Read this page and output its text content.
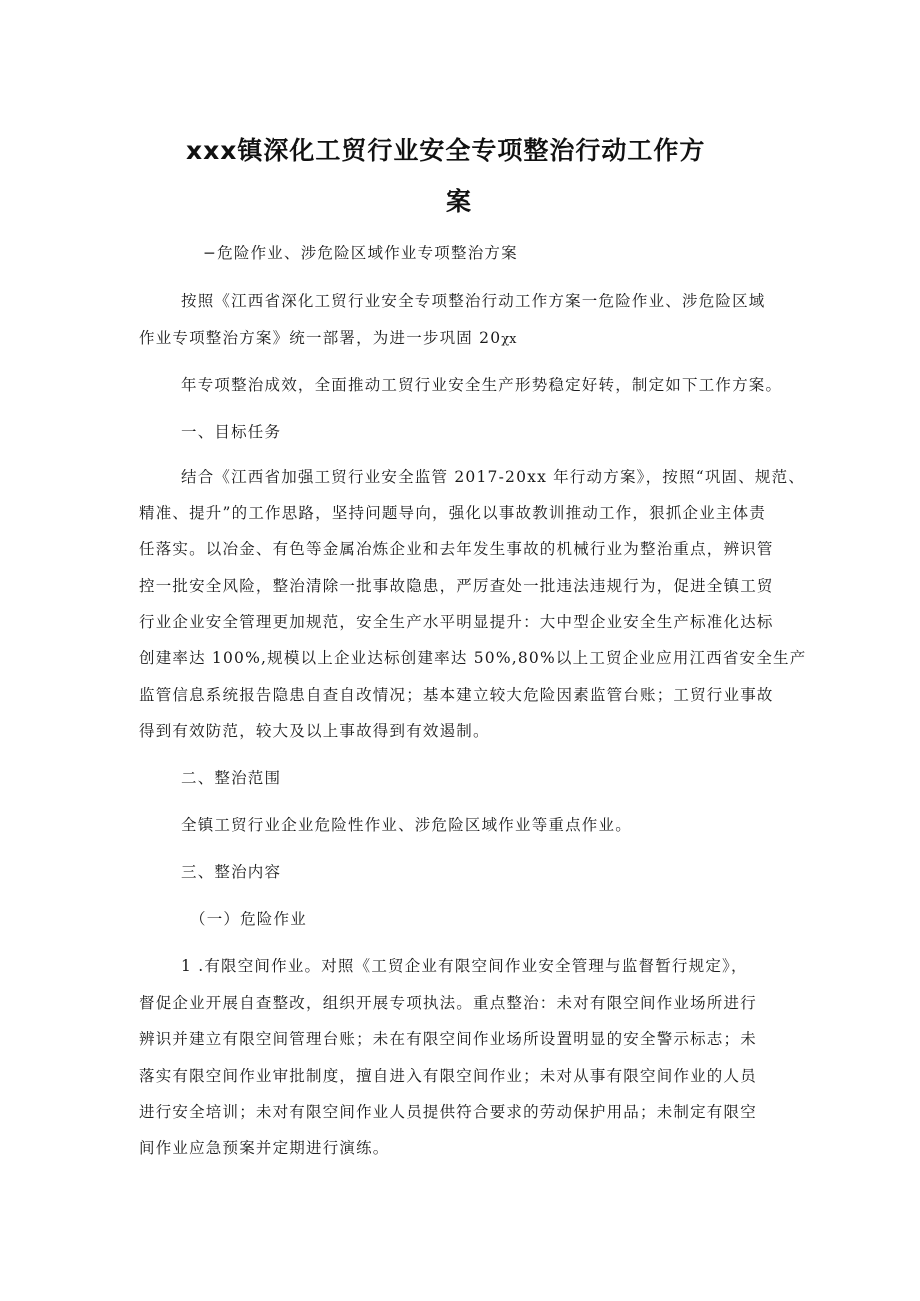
xxx镇深化工贸行业安全专项整治行动工作方
案
−危险作业、涉危险区域作业专项整治方案
按照《江西省深化工贸行业安全专项整治行动工作方案一危险作业、涉危险区域
作业专项整治方案》统一部署，为进一步巩固 20χx
年专项整治成效，全面推动工贸行业安全生产形势稳定好转，制定如下工作方案。
一、目标任务
结合《江西省加强工贸行业安全监管 2017-20xx 年行动方案》，按照“巩固、规范、
精准、提升”的工作思路，坚持问题导向，强化以事故教训推动工作，狠抓企业主体责
任落实。以冶金、有色等金属冶炼企业和去年发生事故的机械行业为整治重点，辨识管
控一批安全风险，整治清除一批事故隐患，严厉查处一批违法违规行为，促进全镇工贸
行业企业安全管理更加规范，安全生产水平明显提升：大中型企业安全生产标准化达标
创建率达 100%,规模以上企业达标创建率达 50%,80%以上工贸企业应用江西省安全生产
监管信息系统报告隐患自查自改情况；基本建立较大危险因素监管台账；工贸行业事故
得到有效防范，较大及以上事故得到有效遏制。
二、整治范围
全镇工贸行业企业危险性作业、涉危险区域作业等重点作业。
三、整治内容
（一）危险作业
1 .有限空间作业。对照《工贸企业有限空间作业安全管理与监督暂行规定》，
督促企业开展自查整改，组织开展专项执法。重点整治：未对有限空间作业场所进行
辨识并建立有限空间管理台账；未在有限空间作业场所设置明显的安全警示标志；未
落实有限空间作业审批制度，擅自进入有限空间作业；未对从事有限空间作业的人员
进行安全培训；未对有限空间作业人员提供符合要求的劳动保护用品；未制定有限空
间作业应急预案并定期进行演练。
